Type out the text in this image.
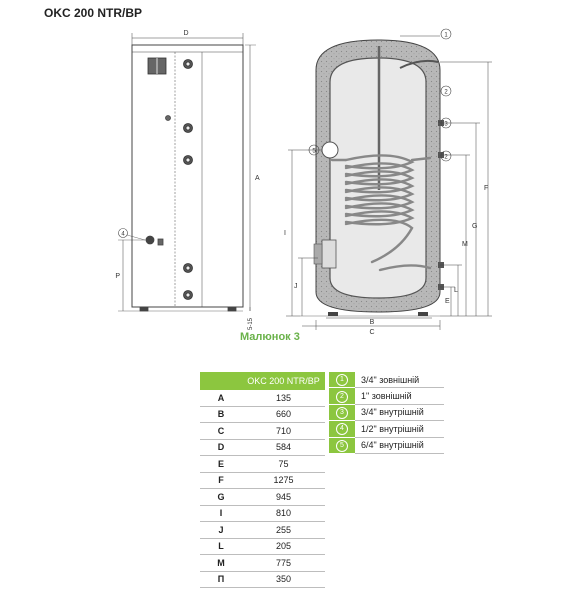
OKC 200 NTR/BP
D
A
P
5-15
4
1
2
3
2
5
F
G
M
L
E
I
J
B
C
Малюнок 3
	OKC 200 NTR/BP
A	135
B	660
C	710
D	584
E	75
F	1275
G	945
I	810
J	255
L	205
M	775
П	350
1	3/4" зовнішній
2	1" зовнішній
3	3/4" внутрішній
4	1/2" внутрішній
5	6/4" внутрішній
